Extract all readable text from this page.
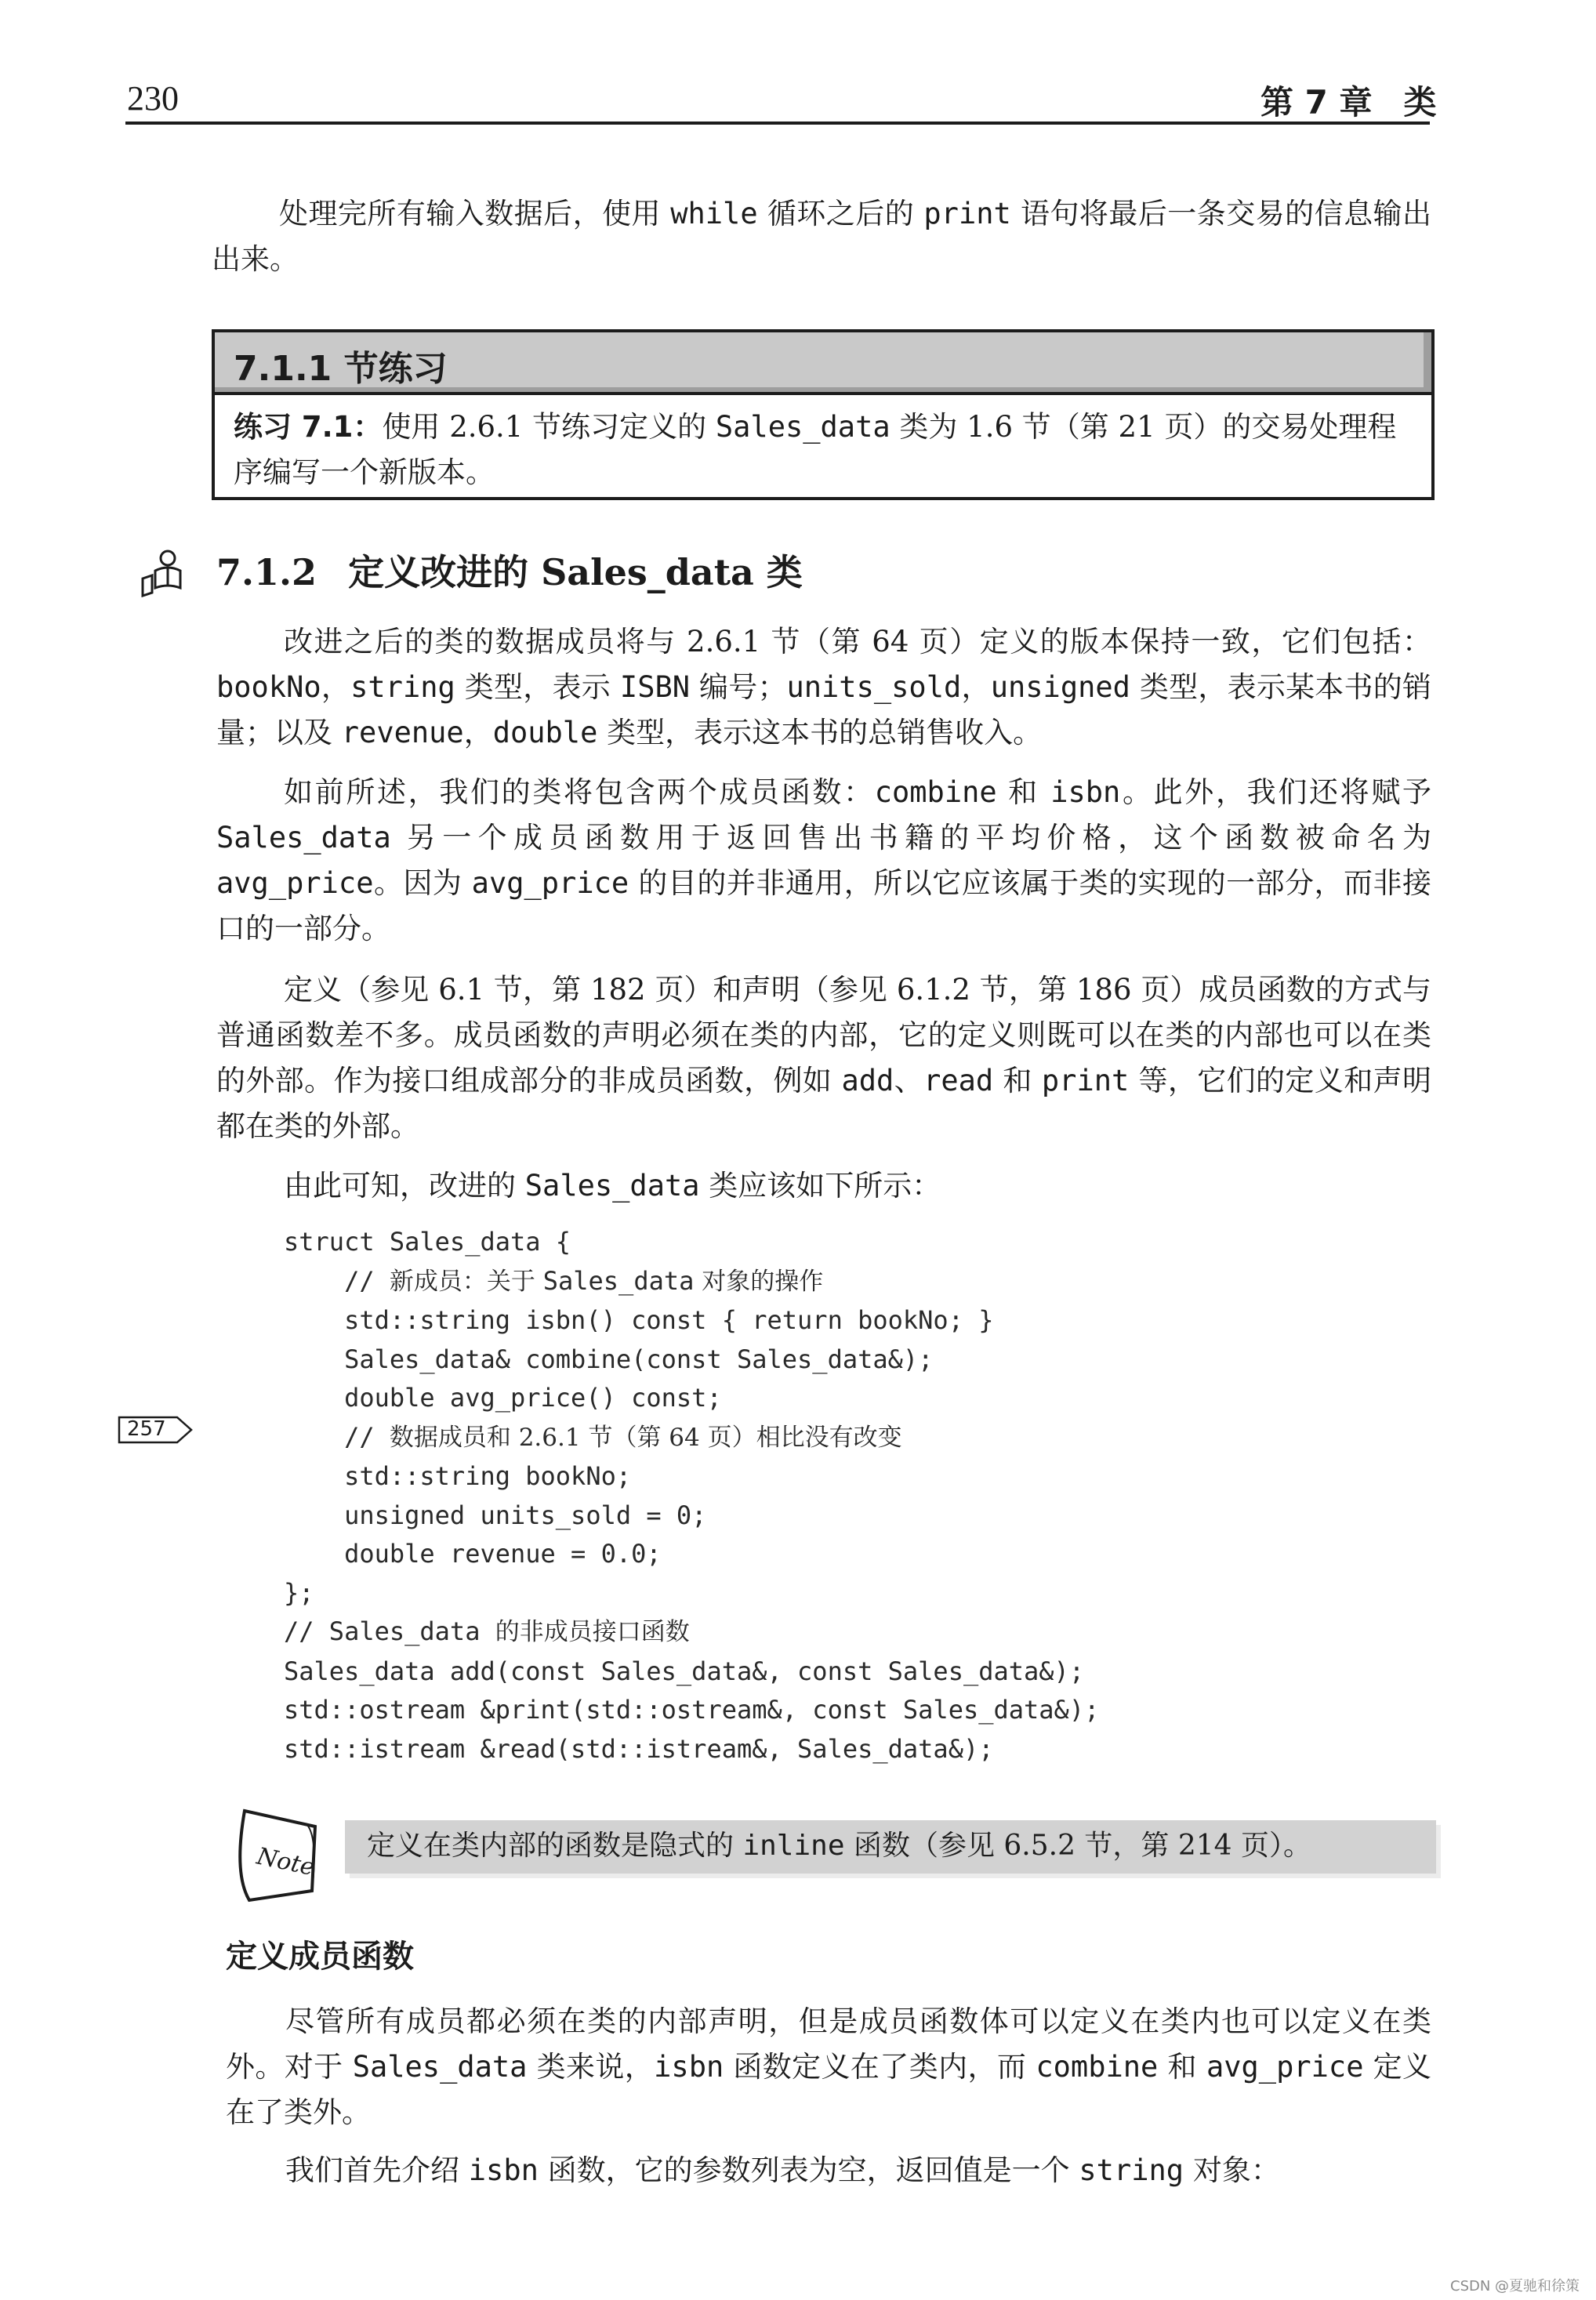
230	第 7 章 类
处理完所有输入数据后，使用 while 循环之后的 print 语句将最后一条交易的信息输出出来。
7.1.1 节练习
练习 7.1：使用 2.6.1 节练习定义的 Sales_data 类为 1.6 节（第 21 页）的交易处理程序编写一个新版本。
7.1.2 定义改进的 Sales_data 类
改进之后的类的数据成员将与 2.6.1 节（第 64 页）定义的版本保持一致，它们包括：bookNo，string 类型，表示 ISBN 编号；units_sold，unsigned 类型，表示某本书的销量；以及 revenue，double 类型，表示这本书的总销售收入。
如前所述，我们的类将包含两个成员函数：combine 和 isbn。此外，我们还将赋予 Sales_data 另一个成员函数用于返回售出书籍的平均价格，这个函数被命名为 avg_price。因为 avg_price 的目的并非通用，所以它应该属于类的实现的一部分，而非接口的一部分。
定义（参见 6.1 节，第 182 页）和声明（参见 6.1.2 节，第 186 页）成员函数的方式与普通函数差不多。成员函数的声明必须在类的内部，它的定义则既可以在类的内部也可以在类的外部。作为接口组成部分的非成员函数，例如 add、read 和 print 等，它们的定义和声明都在类的外部。
由此可知，改进的 Sales_data 类应该如下所示：
struct Sales_data {
// 新成员：关于 Sales_data 对象的操作
std::string isbn() const { return bookNo; }
Sales_data& combine(const Sales_data&);
double avg_price() const;
// 数据成员和 2.6.1 节（第 64 页）相比没有改变
std::string bookNo;
unsigned units_sold = 0;
double revenue = 0.0;
};
// Sales_data 的非成员接口函数
Sales_data add(const Sales_data&, const Sales_data&);
std::ostream &print(std::ostream&, const Sales_data&);
std::istream &read(std::istream&, Sales_data&);
257
Note 定义在类内部的函数是隐式的 inline 函数（参见 6.5.2 节，第 214 页）。
定义成员函数
尽管所有成员都必须在类的内部声明，但是成员函数体可以定义在类内也可以定义在类外。对于 Sales_data 类来说，isbn 函数定义在了类内，而 combine 和 avg_price 定义在了类外。
我们首先介绍 isbn 函数，它的参数列表为空，返回值是一个 string 对象：
CSDN @夏驰和徐策
